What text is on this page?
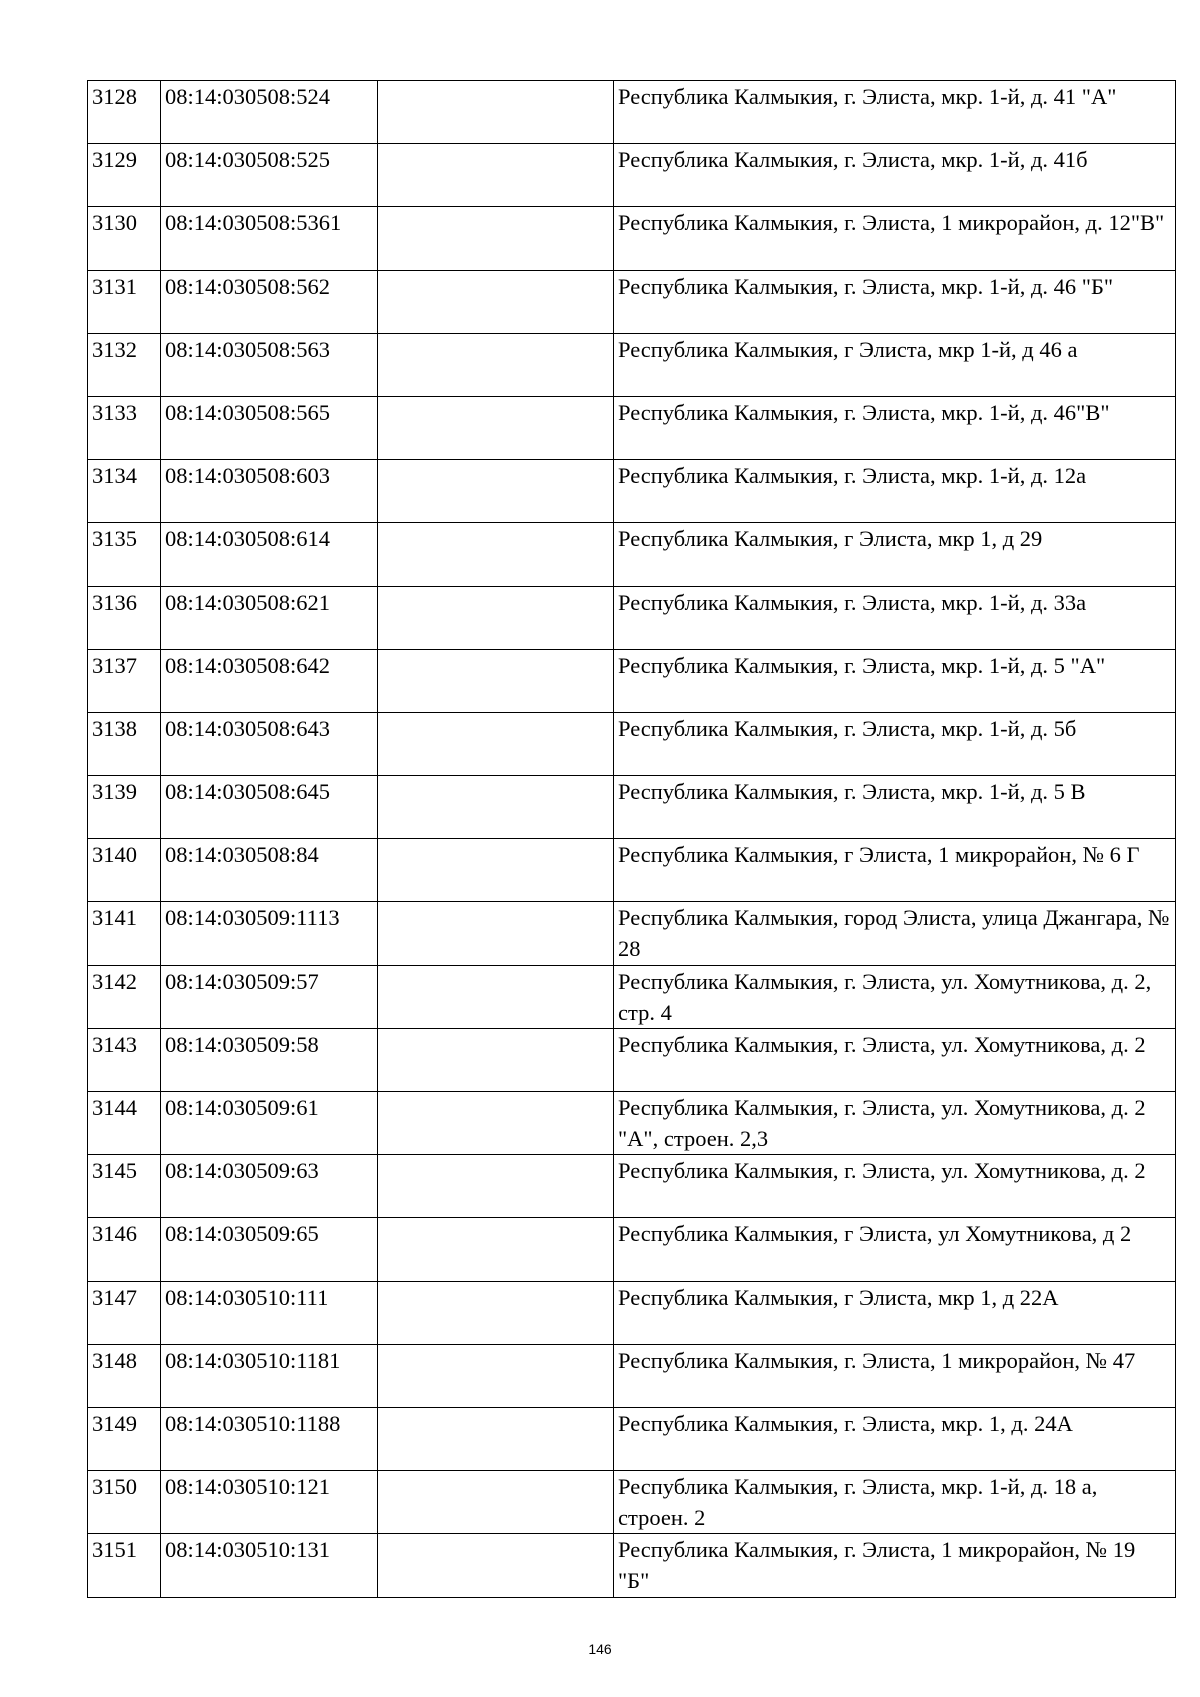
3128	08:14:030508:524		Республика Калмыкия, г. Элиста, мкр. 1-й, д. 41 "А"
3129	08:14:030508:525		Республика Калмыкия, г. Элиста, мкр. 1-й, д. 41б
3130	08:14:030508:5361		Республика Калмыкия, г. Элиста, 1 микрорайон, д. 12"В"
3131	08:14:030508:562		Республика Калмыкия, г. Элиста, мкр. 1-й, д. 46 "Б"
3132	08:14:030508:563		Республика Калмыкия, г Элиста, мкр 1-й, д 46 а
3133	08:14:030508:565		Республика Калмыкия, г. Элиста, мкр. 1-й, д. 46"В"
3134	08:14:030508:603		Республика Калмыкия, г. Элиста, мкр. 1-й, д. 12а
3135	08:14:030508:614		Республика Калмыкия, г Элиста, мкр 1, д 29
3136	08:14:030508:621		Республика Калмыкия, г. Элиста, мкр. 1-й, д. 33а
3137	08:14:030508:642		Республика Калмыкия, г. Элиста, мкр. 1-й, д. 5 "А"
3138	08:14:030508:643		Республика Калмыкия, г. Элиста, мкр. 1-й, д. 5б
3139	08:14:030508:645		Республика Калмыкия, г. Элиста, мкр. 1-й, д. 5 В
3140	08:14:030508:84		Республика Калмыкия, г Элиста, 1 микрорайон, № 6 Г
3141	08:14:030509:1113		Республика Калмыкия, город Элиста, улица Джангара, № 28
3142	08:14:030509:57		Республика Калмыкия, г. Элиста, ул. Хомутникова, д. 2, стр. 4
3143	08:14:030509:58		Республика Калмыкия, г. Элиста, ул. Хомутникова, д. 2
3144	08:14:030509:61		Республика Калмыкия, г. Элиста, ул. Хомутникова, д. 2 "А", строен. 2,3
3145	08:14:030509:63		Республика Калмыкия, г. Элиста, ул. Хомутникова, д. 2
3146	08:14:030509:65		Республика Калмыкия, г Элиста, ул Хомутникова, д 2
3147	08:14:030510:111		Республика Калмыкия, г Элиста, мкр 1, д 22А
3148	08:14:030510:1181		Республика Калмыкия, г. Элиста, 1 микрорайон, № 47
3149	08:14:030510:1188		Республика Калмыкия, г. Элиста, мкр. 1, д. 24А
3150	08:14:030510:121		Республика Калмыкия, г. Элиста, мкр. 1-й, д. 18 а, строен. 2
3151	08:14:030510:131		Республика Калмыкия, г. Элиста, 1 микрорайон, № 19 "Б"
146
